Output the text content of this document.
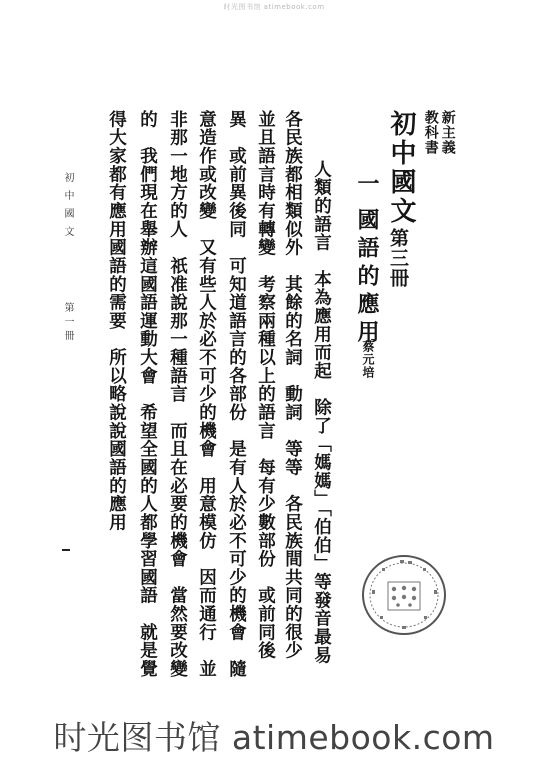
时光图书馆 atimebook.com
新主義
教科書
初中國文
第三冊
一
國語的應用
蔡元培
人類的語言　本為應用而起　除了「媽媽」「伯伯」等發音最易
各民族都相類似外　其餘的名詞　動詞　等等　各民族間共同的很少
並且語言時有轉變　考察兩種以上的語言　每有少數部份　或前同後
異　或前異後同　可知道語言的各部份　是有人於必不可少的機會　隨
意造作或改變　又有些人於必不可少的機會　用意模仿　因而通行　並
非那一地方的人　祇准說那一種語言　而且在必要的機會　當然要改變
的　我們現在舉辦這國語運動大會　希望全國的人都學習國語　就是覺
得大家都有應用國語的需要　所以略說說國語的應用
初中國文
第一冊
时光图书馆 atimebook.com
